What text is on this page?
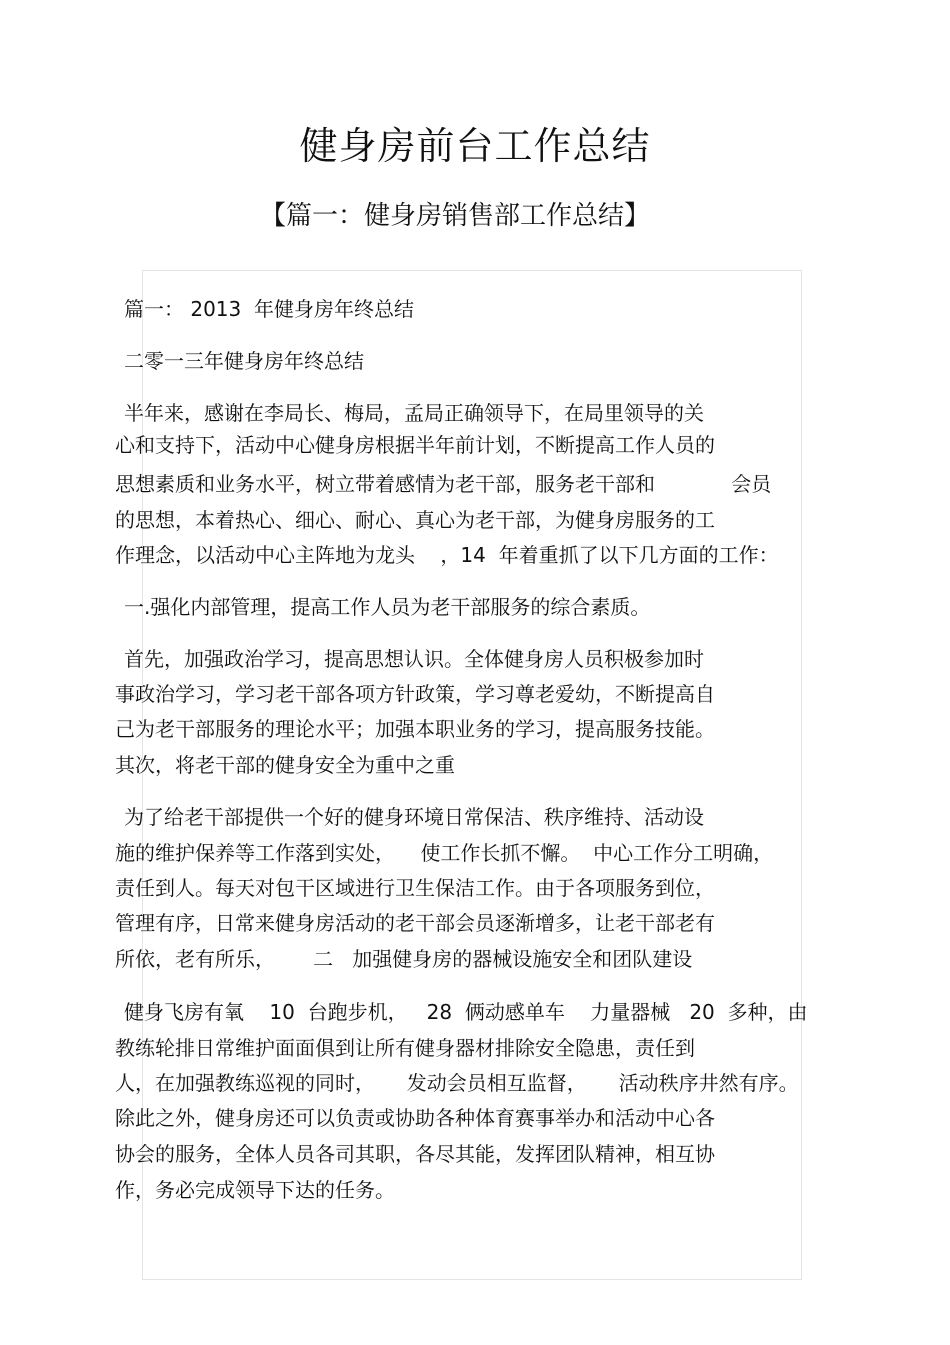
健身房前台工作总结
【篇一：健身房销售部工作总结】
篇一： 2013  年健身房年终总结
二零一三年健身房年终总结
半年来，感谢在李局长、梅局，孟局正确领导下，在局里领导的关
心和支持下，活动中心健身房根据半年前计划，不断提高工作人员的
思想素质和业务水平，树立带着感情为老干部，服务老干部和            会员
的思想，本着热心、细心、耐心、真心为老干部，为健身房服务的工
作理念，以活动中心主阵地为龙头    ，14  年着重抓了以下几方面的工作：
一.强化内部管理，提高工作人员为老干部服务的综合素质。
首先，加强政治学习，提高思想认识。全体健身房人员积极参加时
事政治学习，学习老干部各项方针政策，学习尊老爱幼，不断提高自
己为老干部服务的理论水平；加强本职业务的学习，提高服务技能。
其次，将老干部的健身安全为重中之重
为了给老干部提供一个好的健身环境日常保洁、秩序维持、活动设
施的维护保养等工作落到实处，    使工作长抓不懈。  中心工作分工明确，
责任到人。每天对包干区域进行卫生保洁工作。由于各项服务到位，
管理有序，日常来健身房活动的老干部会员逐渐增多，让老干部老有
所依，老有所乐，      二   加强健身房的器械设施安全和团队建设
健身飞房有氧    10  台跑步机，   28  俩动感单车    力量器械   20  多种，由
教练轮排日常维护面面俱到让所有健身器材排除安全隐患，责任到
人，在加强教练巡视的同时，     发动会员相互监督，     活动秩序井然有序。
除此之外，健身房还可以负责或协助各种体育赛事举办和活动中心各
协会的服务，全体人员各司其职，各尽其能，发挥团队精神，相互协
作，务必完成领导下达的任务。
